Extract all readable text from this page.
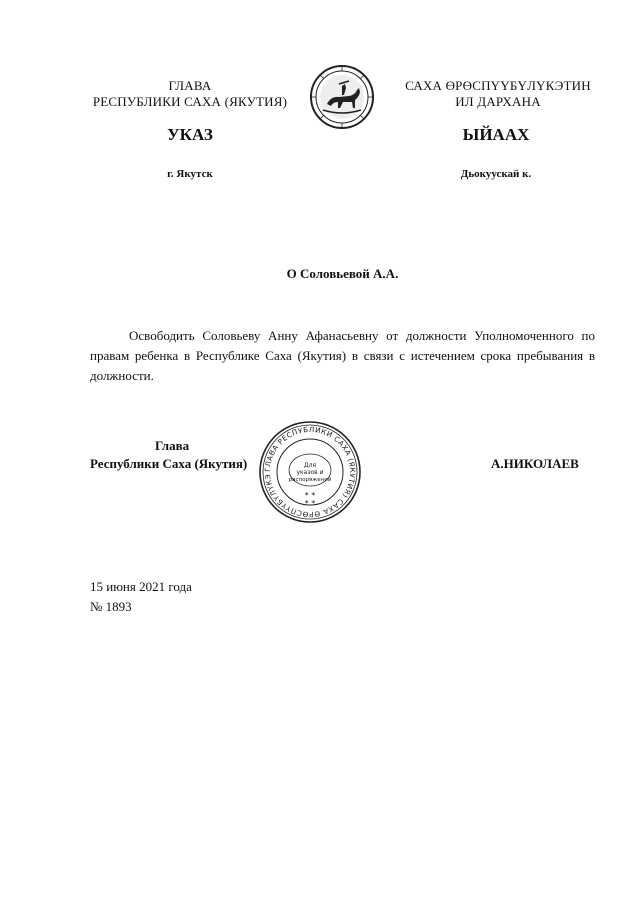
ГЛАВА
РЕСПУБЛИКИ САХА (ЯКУТИЯ)
САХА ӨРӨСПҮҮБҮЛҮКЭТИН
ИЛ ДАРХАНА
УКАЗ	ЫЙААХ
г. Якутск	Дьокуускай к.
О Соловьевой А.А.
Освободить Соловьеву Анну Афанасьевну от должности Уполномоченного по правам ребенка в Республике Саха (Якутия) в связи с истечением срока пребывания в должности.
Глава
Республики Саха (Якутия)	А.НИКОЛАЕВ
ГЛАВА РЕСПУБЛИКИ САХА (ЯКУТИЯ) САХА ӨРӨСПҮҮБҮЛҮКЭ
Для
указов и
распоряжений
* *
* *
15 июня 2021 года
№ 1893
